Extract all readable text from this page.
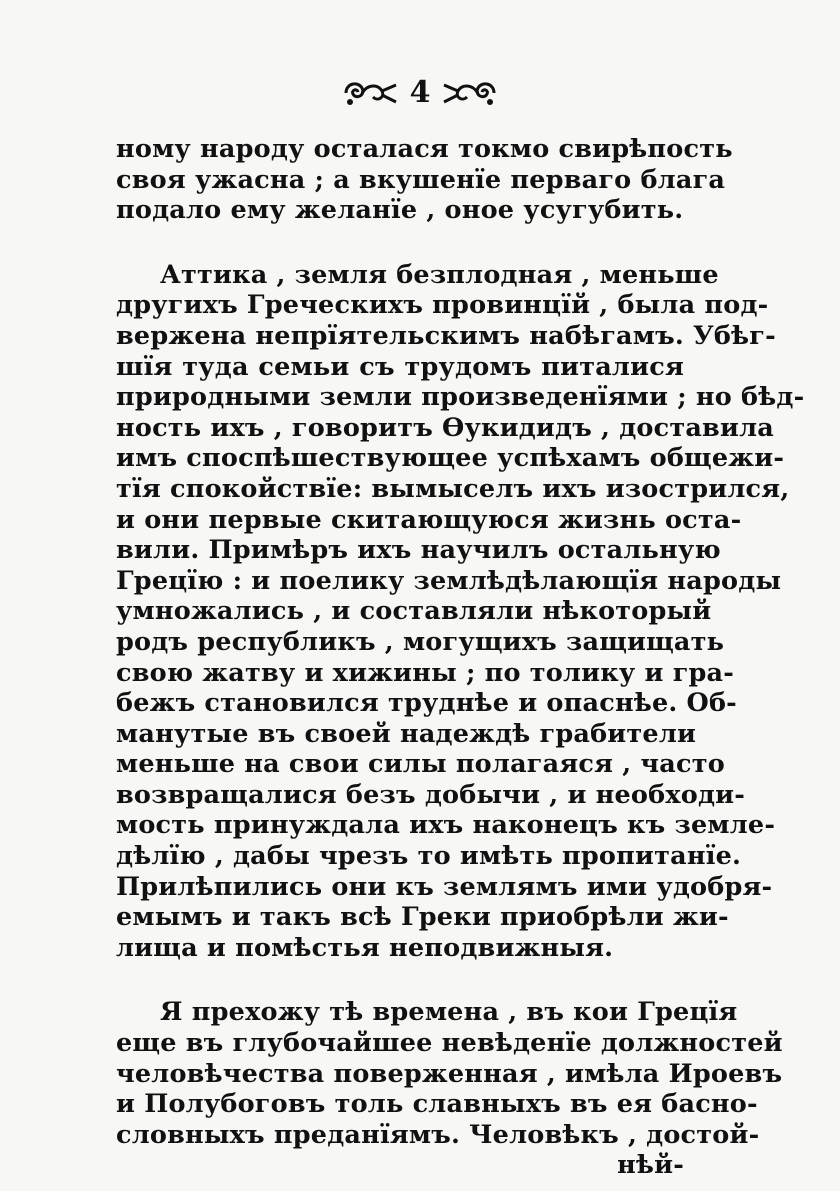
4
ному народу осталася токмо свирѣпость
своя ужасна ; а вкушенїе перваго блага
подало ему желанїе , оное усугубить.
Аттика , земля безплодная , меньше
другихъ Греческихъ провинцїй , была под-
вержена непрїятельскимъ набѣгамъ. Убѣг-
шїя туда семьи съ трудомъ питалися
природными земли произведенїями ; но бѣд-
ность ихъ , говоритъ Өукидидъ , доставила
имъ споспѣшествующее успѣхамъ общежи-
тїя спокойствїе: вымыселъ ихъ изострился,
и они первые скитающуюся жизнь оста-
вили. Примѣръ ихъ научилъ остальную
Грецїю : и поелику землѣдѣлающїя народы
умножались , и составляли нѣкоторый
родъ республикъ , могущихъ защищать
свою жатву и хижины ; по толику и гра-
бежъ становился труднѣе и опаснѣе. Об-
манутые въ своей надеждѣ грабители
меньше на свои силы полагаяся , часто
возвращалися безъ добычи , и необходи-
мость принуждала ихъ наконецъ къ земле-
дѣлїю , дабы чрезъ то имѣть пропитанїе.
Прилѣпились они къ землямъ ими удобря-
емымъ и такъ всѣ Греки приобрѣли жи-
лища и помѣстья неподвижныя.
Я прехожу тѣ времена , въ кои Грецїя
еще въ глубочайшее невѣденїе должностей
человѣчества поверженная , имѣла Ироевъ
и Полубоговъ толь славныхъ въ ея басно-
словныхъ преданїямъ. Человѣкъ , достой-
нѣй-
